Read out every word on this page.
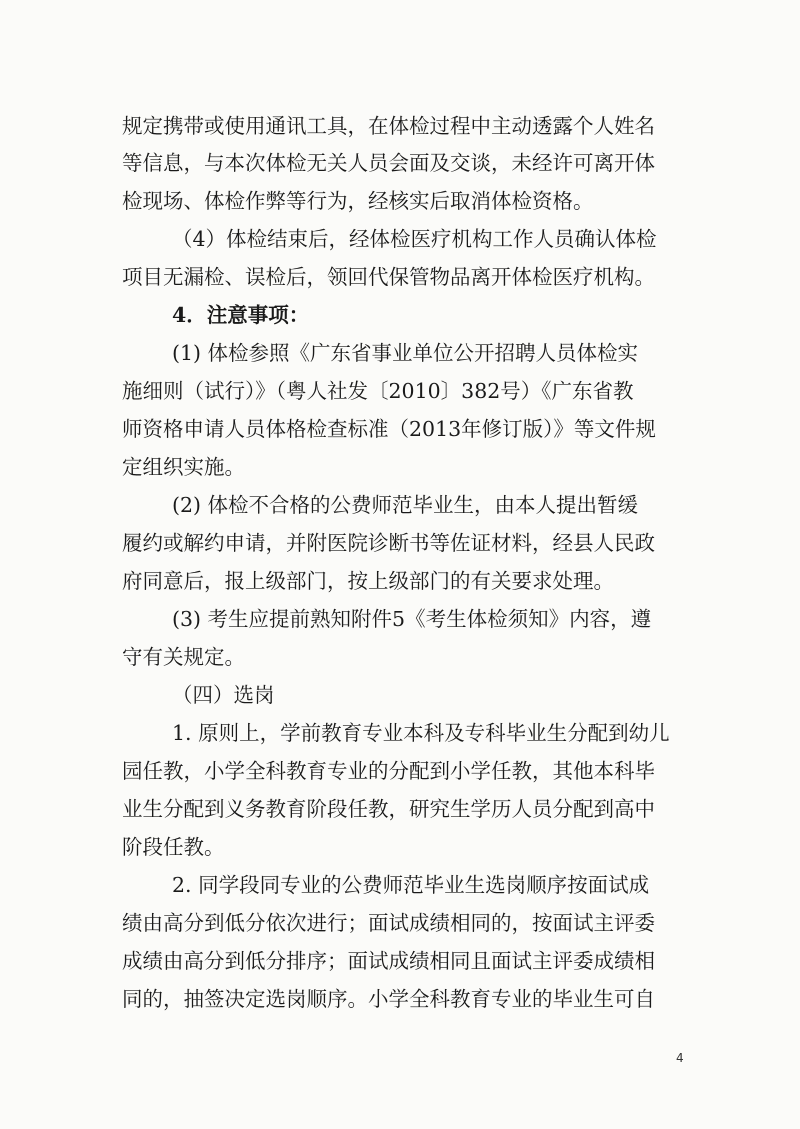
规定携带或使用通讯工具，在体检过程中主动透露个人姓名
等信息，与本次体检无关人员会面及交谈，未经许可离开体
检现场、体检作弊等行为，经核实后取消体检资格。
（4）体检结束后，经体检医疗机构工作人员确认体检
项目无漏检、误检后，领回代保管物品离开体检医疗机构。
4．注意事项：
(1) 体检参照《广东省事业单位公开招聘人员体检实
施细则（试行）》（粤人社发〔2010〕382号）《广东省教
师资格申请人员体格检查标准（2013年修订版）》等文件规
定组织实施。
(2) 体检不合格的公费师范毕业生，由本人提出暂缓
履约或解约申请，并附医院诊断书等佐证材料，经县人民政
府同意后，报上级部门，按上级部门的有关要求处理。
(3) 考生应提前熟知附件5《考生体检须知》内容，遵
守有关规定。
（四）选岗
1. 原则上，学前教育专业本科及专科毕业生分配到幼儿
园任教，小学全科教育专业的分配到小学任教，其他本科毕
业生分配到义务教育阶段任教，研究生学历人员分配到高中
阶段任教。
2. 同学段同专业的公费师范毕业生选岗顺序按面试成
绩由高分到低分依次进行；面试成绩相同的，按面试主评委
成绩由高分到低分排序；面试成绩相同且面试主评委成绩相
同的，抽签决定选岗顺序。小学全科教育专业的毕业生可自
4
